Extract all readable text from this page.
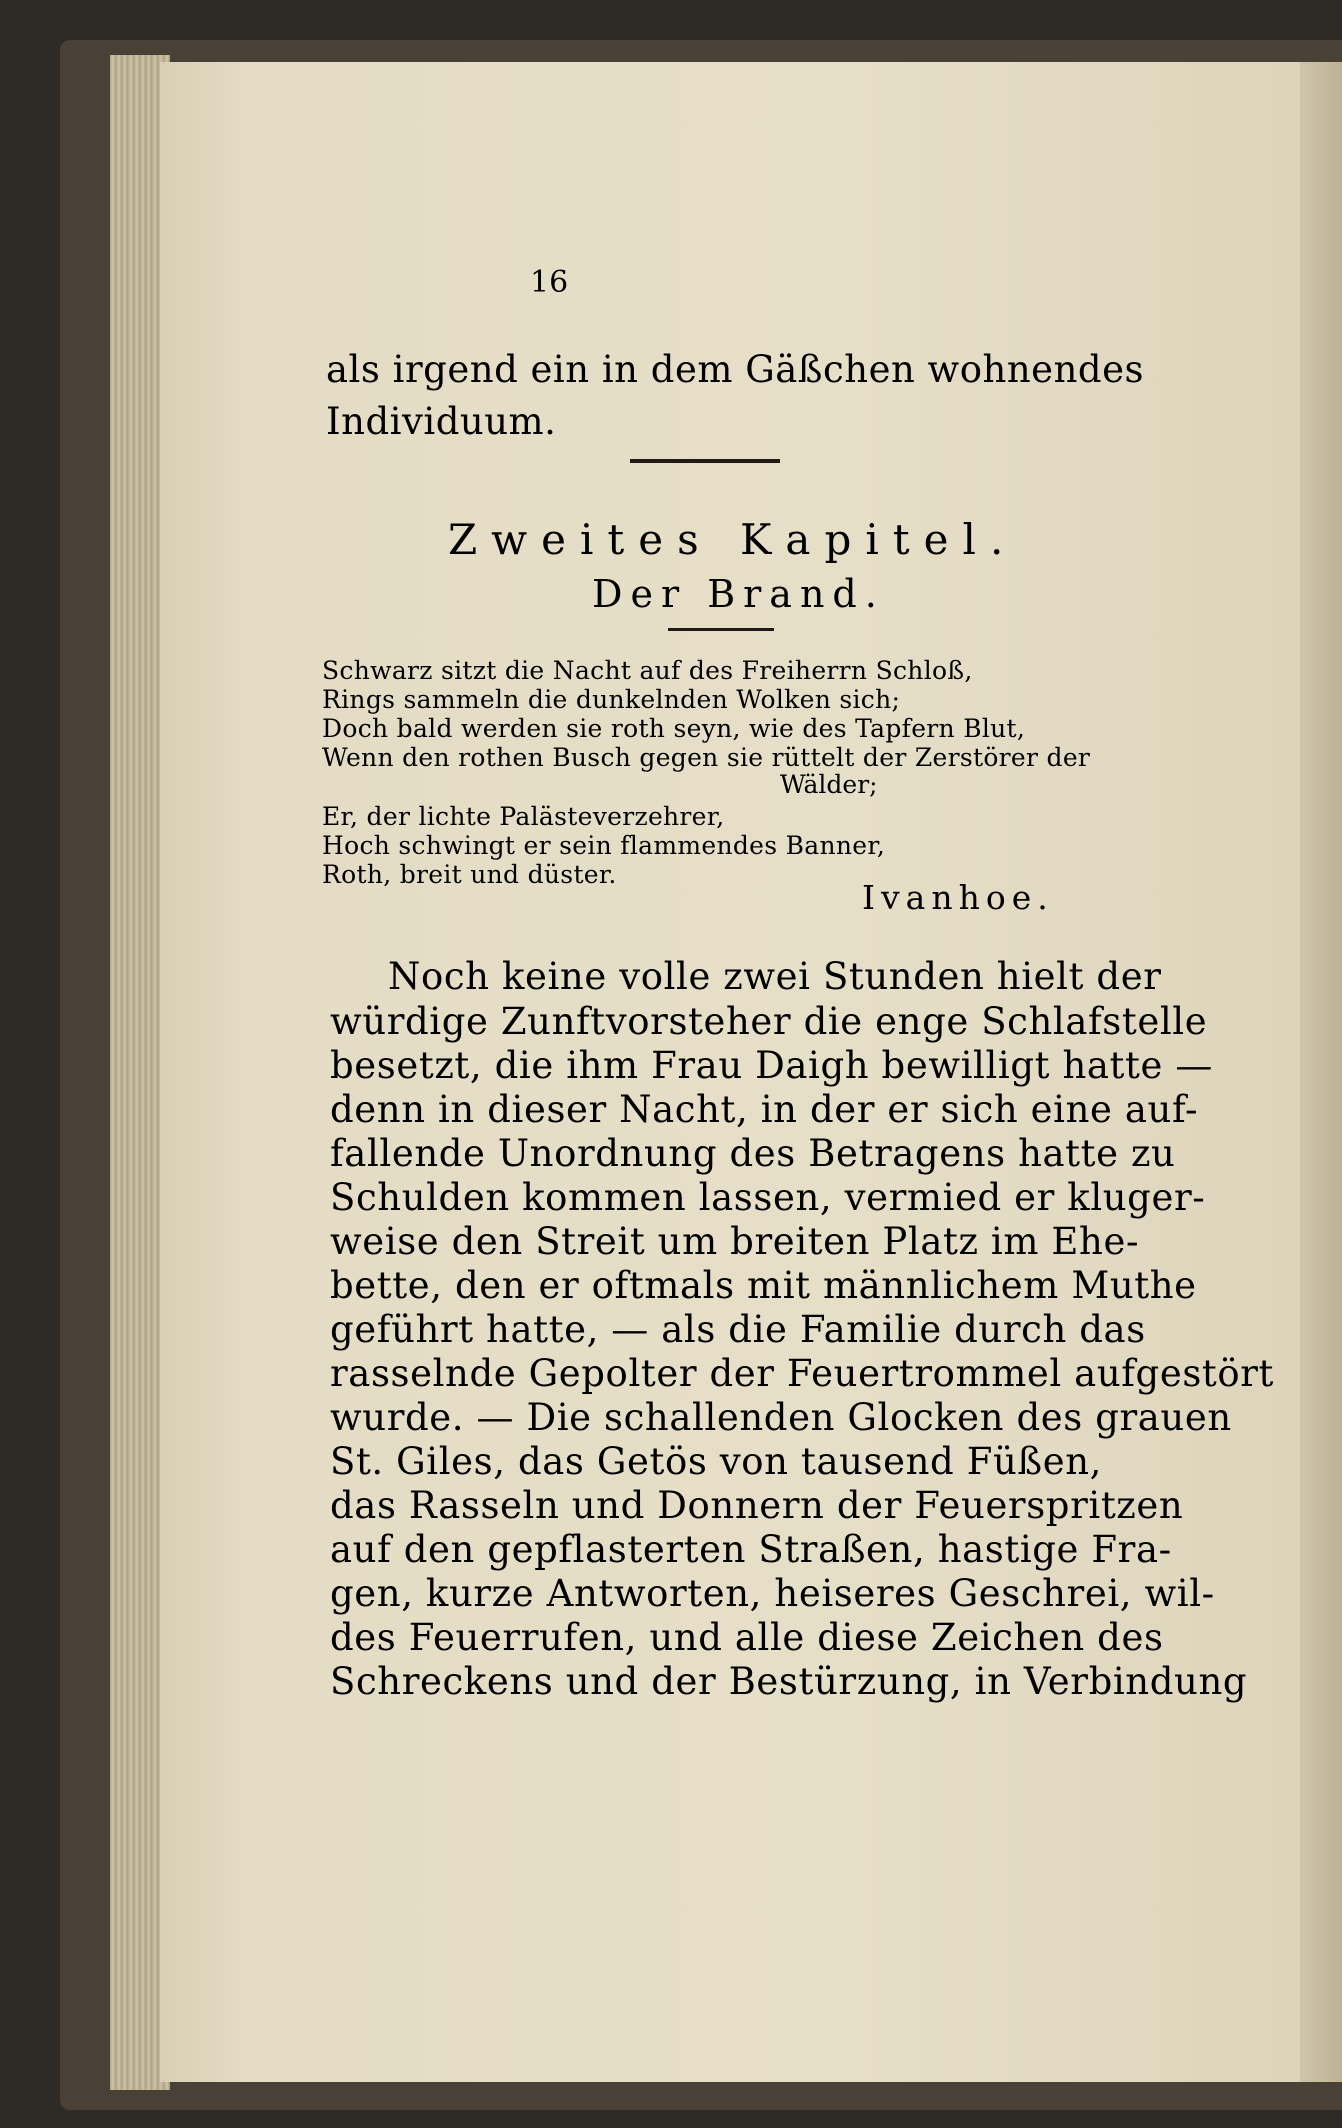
16
als irgend ein in dem Gäßchen wohnendes
Individuum.
Zweites Kapitel.
Der Brand.
Schwarz sitzt die Nacht auf des Freiherrn Schloß,
Rings sammeln die dunkelnden Wolken sich;
Doch bald werden sie roth seyn, wie des Tapfern Blut,
Wenn den rothen Busch gegen sie rüttelt der Zerstörer der
Wälder;
Er, der lichte Palästeverzehrer,
Hoch schwingt er sein flammendes Banner,
Roth, breit und düster.
Ivanhoe.
Noch keine volle zwei Stunden hielt der
würdige Zunftvorsteher die enge Schlafstelle
besetzt, die ihm Frau Daigh bewilligt hatte —
denn in dieser Nacht, in der er sich eine auf-
fallende Unordnung des Betragens hatte zu
Schulden kommen lassen, vermied er kluger-
weise den Streit um breiten Platz im Ehe-
bette, den er oftmals mit männlichem Muthe
geführt hatte, — als die Familie durch das
rasselnde Gepolter der Feuertrommel aufgestört
wurde. — Die schallenden Glocken des grauen
St. Giles, das Getös von tausend Füßen,
das Rasseln und Donnern der Feuerspritzen
auf den gepflasterten Straßen, hastige Fra-
gen, kurze Antworten, heiseres Geschrei, wil-
des Feuerrufen, und alle diese Zeichen des
Schreckens und der Bestürzung, in Verbindung
